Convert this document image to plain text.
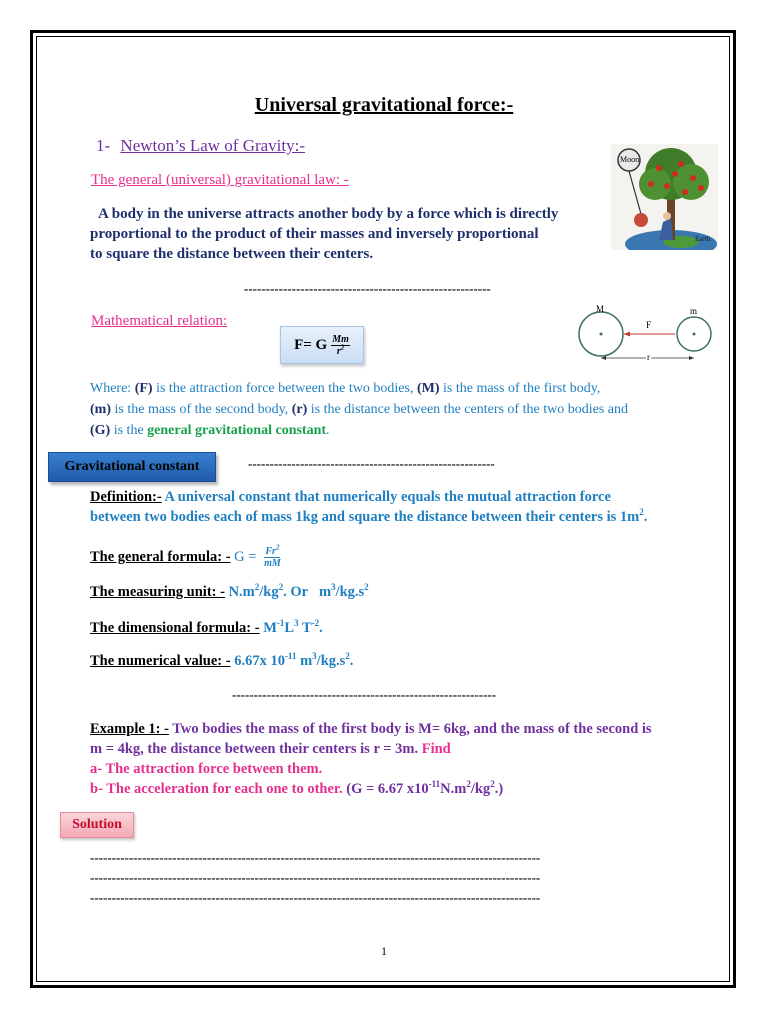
Universal gravitational force:-
1- Newton’s Law of Gravity:-
The general (universal) gravitational law: -
A body in the universe attracts another body by a force which is directly
proportional to the product of their masses and inversely proportional
to square the distance between their centers.
Moon
Earth
---------------------------------------------------------
Mathematical relation:
F= G $\frac{Mm}{r^2}$
M	m
F
r
Where: (F) is the attraction force between the two bodies, (M) is the mass of the first body,
(m) is the mass of the second body, (r) is the distance between the centers of the two bodies and
(G) is the general gravitational constant.
Gravitational constant	---------------------------------------------------------
Definition:- A universal constant that numerically equals the mutual attraction force
between two bodies each of mass 1kg and square the distance between their centers is $1m^2$.
The general formula: - $G = \frac{Fr^2}{mM}$
The measuring unit: - $N.m^2/kg^2$. Or $m^3/kg.s^2$
The dimensional formula: - $M^{-1}L^3$ $T^{-2}$.
The numerical value: - 6.67x $10^{-11}$ $m^3/kg.s^2$.
-------------------------------------------------------------
Example 1: - Two bodies the mass of the first body is M= 6kg, and the mass of the second is
m = 4kg, the distance between their centers is r = 3m. Find
a- The attraction force between them.
b- The acceleration for each one to other. (G = 6.67 $x10^{-11}N.m^2/kg^2$.)
Solution
--------------------------------------------------------------------------------------------------------
--------------------------------------------------------------------------------------------------------
--------------------------------------------------------------------------------------------------------
1
